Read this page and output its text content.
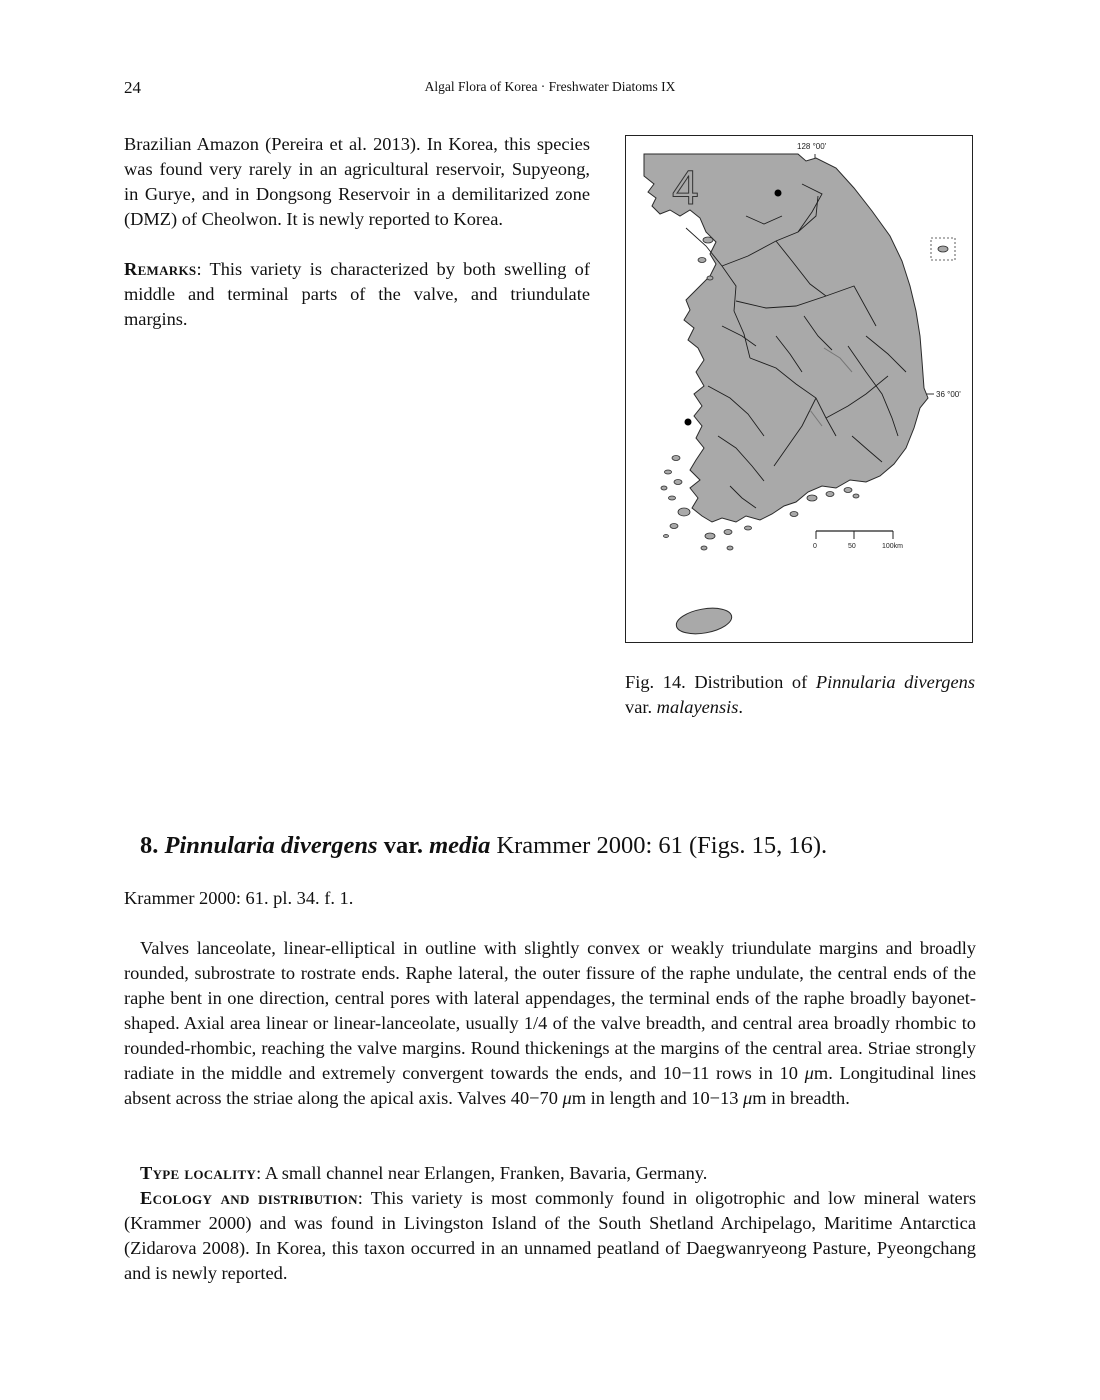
24	Algal Flora of Korea · Freshwater Diatoms IX

Brazilian Amazon (Pereira et al. 2013). In Korea, this species was found very rarely in an agricultural reservoir, Supyeong, in Gurye, and in Dongsong Reservoir in a demilitarized zone (DMZ) of Cheolwon. It is newly reported to Korea.

Remarks: This variety is characterized by both swelling of middle and terminal parts of the valve, and triundulate margins.

128 °00'
36 °00'
4
0	50	100km
Fig. 14. Distribution of Pinnularia divergens var. malayensis.
8. Pinnularia divergens var. media Krammer 2000: 61 (Figs. 15, 16).
Krammer 2000: 61. pl. 34. f. 1.

Valves lanceolate, linear-elliptical in outline with slightly convex or weakly triundulate margins and broadly rounded, subrostrate to rostrate ends. Raphe lateral, the outer fissure of the raphe undulate, the central ends of the raphe bent in one direction, central pores with lateral appendages, the terminal ends of the raphe broadly bayonet-shaped. Axial area linear or linear-lanceolate, usually 1/4 of the valve breadth, and central area broadly rhombic to rounded-rhombic, reaching the valve margins. Round thickenings at the margins of the central area. Striae strongly radiate in the middle and extremely convergent towards the ends, and 10−11 rows in 10 μm. Longitudinal lines absent across the striae along the apical axis. Valves 40−70 μm in length and 10−13 μm in breadth.

Type locality: A small channel near Erlangen, Franken, Bavaria, Germany.

Ecology and distribution: This variety is most commonly found in oligotrophic and low mineral waters (Krammer 2000) and was found in Livingston Island of the South Shetland Archipelago, Maritime Antarctica (Zidarova 2008). In Korea, this taxon occurred in an unnamed peatland of Daegwanryeong Pasture, Pyeongchang and is newly reported.
